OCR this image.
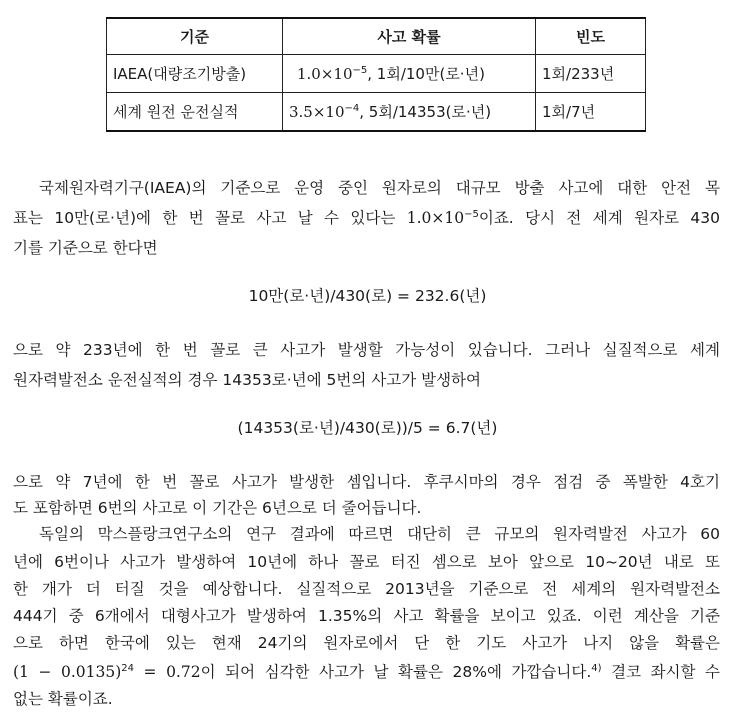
기준	사고 확률	빈도
IAEA(대량조기방출)	$1.0\times 10^{-5}$, 1회/10만(로·년)	1회/233년
세계 원전 운전실적	$3.5\times 10^{-4}$, 5회/14353(로·년)	1회/7년
국제원자력기구(IAEA)의 기준으로 운영 중인 원자로의 대규모 방출 사고에 대한 안전 목
표는 10만(로·년)에 한 번 꼴로 사고 날 수 있다는 $1.0\times 10^{-5}$이죠. 당시 전 세계 원자로 430
기를 기준으로 한다면
10만(로·년)/430(로) = 232.6(년)
으로 약 233년에 한 번 꼴로 큰 사고가 발생할 가능성이 있습니다. 그러나 실질적으로 세계
원자력발전소 운전실적의 경우 14353로·년에 5번의 사고가 발생하여
(14353(로·년)/430(로))/5 = 6.7(년)
으로 약 7년에 한 번 꼴로 사고가 발생한 셈입니다. 후쿠시마의 경우 점검 중 폭발한 4호기
도 포함하면 6번의 사고로 이 기간은 6년으로 더 줄어듭니다.
독일의 막스플랑크연구소의 연구 결과에 따르면 대단히 큰 규모의 원자력발전 사고가 60
년에 6번이나 사고가 발생하여 10년에 하나 꼴로 터진 셈으로 보아 앞으로 10~20년 내로 또
한 개가 더 터질 것을 예상합니다. 실질적으로 2013년을 기준으로 전 세계의 원자력발전소
444기 중 6개에서 대형사고가 발생하여 1.35%의 사고 확률을 보이고 있죠. 이런 계산을 기준
으로 하면 한국에 있는 현재 24기의 원자로에서 단 한 기도 사고가 나지 않을 확률은
$(1 - 0.0135)^{24} = 0.72$이 되어 심각한 사고가 날 확률은 28%에 가깝습니다.$^{4)}$ 결코 좌시할 수
없는 확률이죠.
